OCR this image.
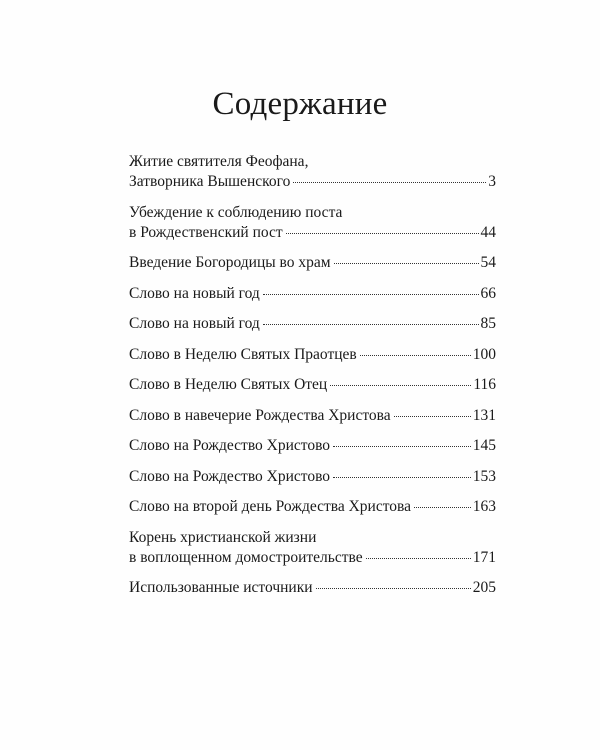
Содержание
Житие святителя Феофана,
Затворника Вышенского	3
Убеждение к соблюдению поста
в Рождественский пост	44
Введение Богородицы во храм	54
Слово на новый год	66
Слово на новый год	85
Слово в Неделю Святых Праотцев	100
Слово в Неделю Святых Отец	116
Слово в навечерие Рождества Христова	131
Слово на Рождество Христово	145
Слово на Рождество Христово	153
Слово на второй день Рождества Христова	163
Корень христианской жизни
в воплощенном домостроительстве	171
Использованные источники	205
